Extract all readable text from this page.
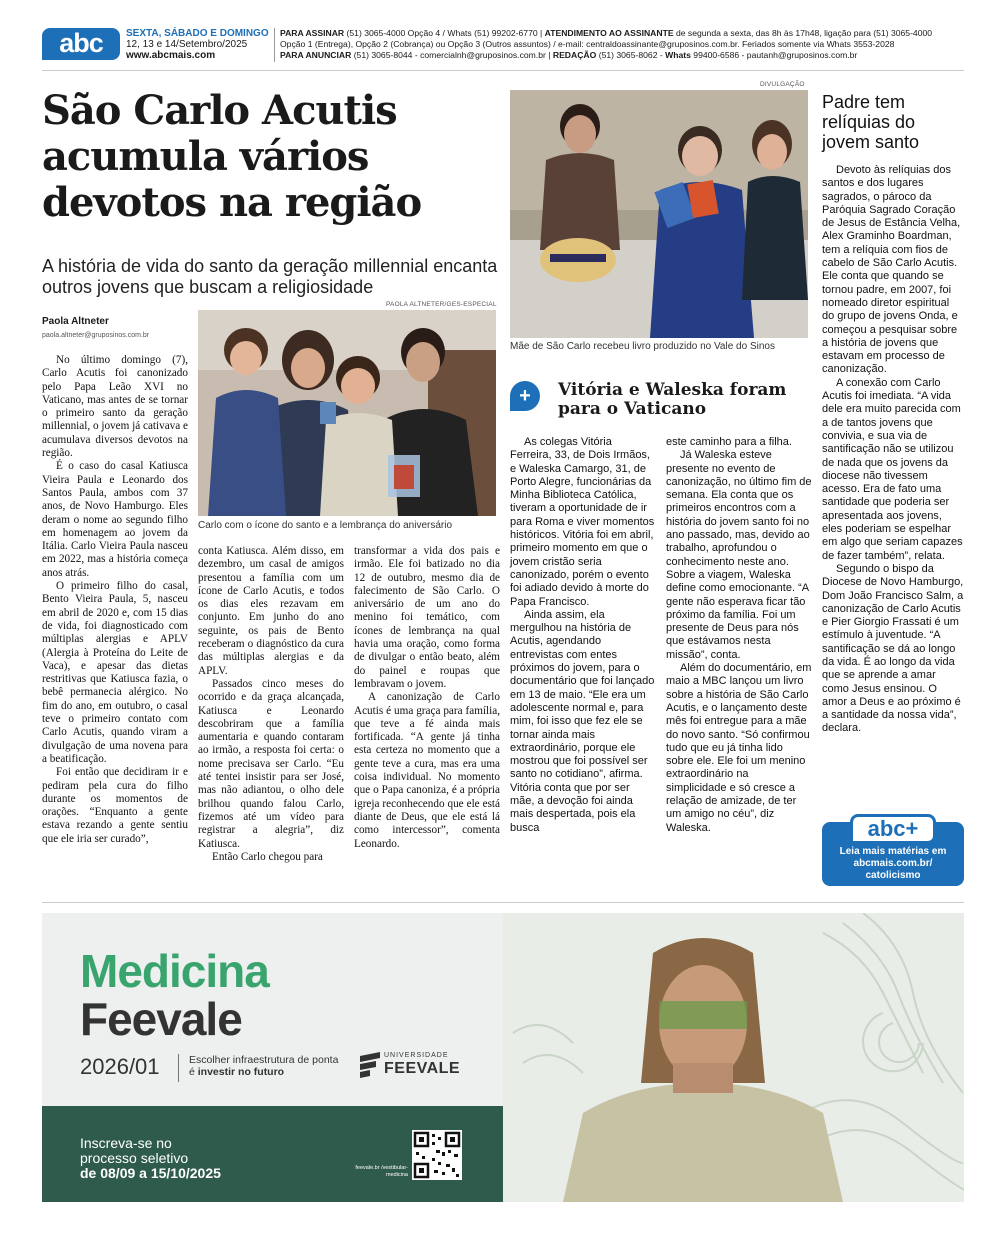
abc	SEXTA, SÁBADO E DOMINGO
12, 13 e 14/Setembro/2025
www.abcmais.com
PARA ASSINAR (51) 3065-4000 Opção 4 / Whats (51) 99202-6770 | ATENDIMENTO AO ASSINANTE de segunda a sexta, das 8h às 17h48, ligação para (51) 3065-4000
Opção 1 (Entrega), Opção 2 (Cobrança) ou Opção 3 (Outros assuntos) / e-mail: centraldoassinante@gruposinos.com.br. Feriados somente via Whats 3553-2028
PARA ANUNCIAR (51) 3065-8044 - comercialnh@gruposinos.com.br | REDAÇÃO (51) 3065-8062 - Whats 99400-6586 - pautanh@gruposinos.com.br
São Carlo Acutis acumula vários devotos na região
A história de vida do santo da geração millennial encanta outros jovens que buscam a religiosidade
Paola Altneter
paola.altneter@gruposinos.com.br
PAOLA ALTNETER/GES-ESPECIAL
Carlo com o ícone do santo e a lembrança do aniversário

No último domingo (7), Carlo Acutis foi canonizado pelo Papa Leão XVI no Vaticano, mas antes de se tornar o primeiro santo da geração millennial, o jovem já cativava e acumulava diversos devotos na região.

É o caso do casal Katiusca Vieira Paula e Leonardo dos Santos Paula, ambos com 37 anos, de Novo Hamburgo. Eles deram o nome ao segundo filho em homenagem ao jovem da Itália. Carlo Vieira Paula nasceu em 2022, mas a história começa anos atrás.

O primeiro filho do casal, Bento Vieira Paula, 5, nasceu em abril de 2020 e, com 15 dias de vida, foi diagnosticado com múltiplas alergias e APLV (Alergia à Proteína do Leite de Vaca), e apesar das dietas restritivas que Katiusca fazia, o bebê permanecia alérgico. No fim do ano, em outubro, o casal teve o primeiro contato com Carlo Acutis, quando viram a divulgação de uma novena para a beatificação.

Foi então que decidiram ir e pediram pela cura do filho durante os momentos de orações. “Enquanto a gente estava rezando a gente sentiu que ele iria ser curado”,

conta Katiusca. Além disso, em dezembro, um casal de amigos presentou a família com um ícone de Carlo Acutis, e todos os dias eles rezavam em conjunto. Em junho do ano seguinte, os pais de Bento receberam o diagnóstico da cura das múltiplas alergias e da APLV.

Passados cinco meses do ocorrido e da graça alcançada, Katiusca e Leonardo descobriram que a família aumentaria e quando contaram ao irmão, a resposta foi certa: o nome precisava ser Carlo. “Eu até tentei insistir para ser José, mas não adiantou, o olho dele brilhou quando falou Carlo, fizemos até um vídeo para registrar a alegria”, diz Katiusca.

Então Carlo chegou para

transformar a vida dos pais e irmão. Ele foi batizado no dia 12 de outubro, mesmo dia de falecimento de São Carlo. O aniversário de um ano do menino foi temático, com ícones de lembrança na qual havia uma oração, como forma de divulgar o então beato, além do painel e roupas que lembravam o jovem.

A canonização de Carlo Acutis é uma graça para família, que teve a fé ainda mais fortificada. “A gente já tinha esta certeza no momento que a gente teve a cura, mas era uma coisa individual. No momento que o Papa canoniza, é a própria igreja reconhecendo que ele está diante de Deus, que ele está lá como intercessor”, comenta Leonardo.

DIVULGAÇÃO
Mãe de São Carlo recebeu livro produzido no Vale do Sinos
+	Vitória e Waleska foram para o Vaticano

As colegas Vitória Ferreira, 33, de Dois Irmãos, e Waleska Camargo, 31, de Porto Alegre, funcionárias da Minha Biblioteca Católica, tiveram a oportunidade de ir para Roma e viver momentos históricos. Vitória foi em abril, primeiro momento em que o jovem cristão seria canonizado, porém o evento foi adiado devido à morte do Papa Francisco.

Ainda assim, ela mergulhou na história de Acutis, agendando entrevistas com entes próximos do jovem, para o documentário que foi lançado em 13 de maio. “Ele era um adolescente normal e, para mim, foi isso que fez ele se tornar ainda mais extraordinário, porque ele mostrou que foi possível ser santo no cotidiano”, afirma. Vitória conta que por ser mãe, a devoção foi ainda mais despertada, pois ela busca

este caminho para a filha.

Já Waleska esteve presente no evento de canonização, no último fim de semana. Ela conta que os primeiros encontros com a história do jovem santo foi no ano passado, mas, devido ao trabalho, aprofundou o conhecimento neste ano. Sobre a viagem, Waleska define como emocionante. “A gente não esperava ficar tão próximo da família. Foi um presente de Deus para nós que estávamos nesta missão”, conta.

Além do documentário, em maio a MBC lançou um livro sobre a história de São Carlo Acutis, e o lançamento deste mês foi entregue para a mãe do novo santo. “Só confirmou tudo que eu já tinha lido sobre ele. Ele foi um menino extraordinário na simplicidade e só cresce a relação de amizade, de ter um amigo no céu”, diz Waleska.

Padre tem relíquias do jovem santo

Devoto às relíquias dos santos e dos lugares sagrados, o pároco da Paróquia Sagrado Coração de Jesus de Estância Velha, Alex Graminho Boardman, tem a relíquia com fios de cabelo de São Carlo Acutis. Ele conta que quando se tornou padre, em 2007, foi nomeado diretor espiritual do grupo de jovens Onda, e começou a pesquisar sobre a história de jovens que estavam em processo de canonização.

A conexão com Carlo Acutis foi imediata. “A vida dele era muito parecida com a de tantos jovens que convivia, e sua via de santificação não se utilizou de nada que os jovens da diocese não tivessem acesso. Era de fato uma santidade que poderia ser apresentada aos jovens, eles poderiam se espelhar em algo que seriam capazes de fazer também”, relata.

Segundo o bispo da Diocese de Novo Hamburgo, Dom João Francisco Salm, a canonização de Carlo Acutis e Pier Giorgio Frassati é um estímulo à juventude. “A santificação se dá ao longo da vida. É ao longo da vida que se aprende a amar como Jesus ensinou. O amor a Deus e ao próximo é a santidade da nossa vida”, declara.

abc+
Leia mais matérias em abcmais.com.br/ catolicismo
Medicina
Feevale
2026/01	Escolher infraestrutura de ponta é investir no futuro
UNIVERSIDADE
FEEVALE
Inscreva-se no
processo seletivo
de 08/09 a 15/10/2025	feevale.br /vestibular-medicina
